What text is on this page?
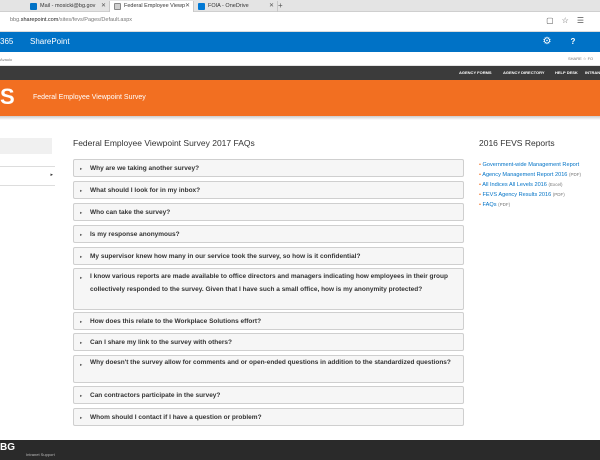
Mail - mosicki@bg.gov ✕	Federal Employee Viewp ✕	FOIA - OneDrive	✕ +
bbg.sharepoint.com/sites/fevs/Pages/Default.aspx	▢☆☰
365 SharePoint	⚙	?
Avaulo	SHARE ☆ FO
AGENCY FORMS	AGENCY DIRECTORY	HELP DESK INTRAN
S	Federal Employee Viewpoint Survey
▸
Federal Employee Viewpoint Survey 2017 FAQs
▸ Why are we taking another survey?
▸ What should I look for in my inbox?
▸ Who can take the survey?
▸ Is my response anonymous?
▸ My supervisor knew how many in our service took the survey, so how is it confidential?
▸ I know various reports are made available to office directors and managers indicating how employees in their group collectively responded to the survey. Given that I have such a small office, how is my anonymity protected?
▸ How does this relate to the Workplace Solutions effort?
▸ Can I share my link to the survey with others?
▸ Why doesn't the survey allow for comments and or open-ended questions in addition to the standardized questions?
▸ Can contractors participate in the survey?
▸ Whom should I contact if I have a question or problem?
2016 FEVS Reports
• Government-wide Management Report
• Agency Management Report 2016 (PDF)
• All Indices All Levels 2016 (Excel)
• FEVS Agency Results 2016 (PDF)
• FAQs (PDF)
BG
Intranet Support
